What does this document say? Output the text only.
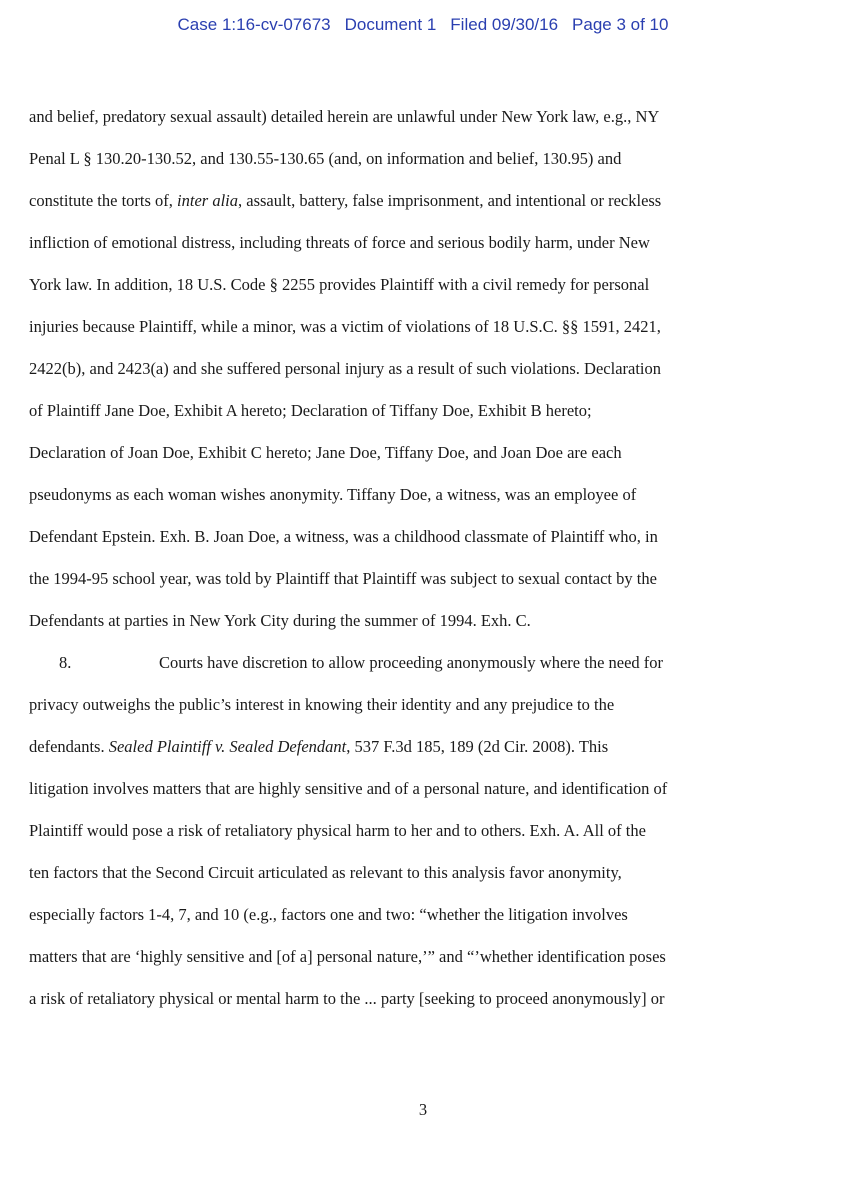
Case 1:16-cv-07673 Document 1 Filed 09/30/16 Page 3 of 10
and belief, predatory sexual assault) detailed herein are unlawful under New York law, e.g., NY
Penal L § 130.20-130.52, and 130.55-130.65 (and, on information and belief, 130.95) and
constitute the torts of, inter alia, assault, battery, false imprisonment, and intentional or reckless
infliction of emotional distress, including threats of force and serious bodily harm, under New
York law. In addition, 18 U.S. Code § 2255 provides Plaintiff with a civil remedy for personal
injuries because Plaintiff, while a minor, was a victim of violations of 18 U.S.C. §§ 1591, 2421,
2422(b), and 2423(a) and she suffered personal injury as a result of such violations. Declaration
of Plaintiff Jane Doe, Exhibit A hereto; Declaration of Tiffany Doe, Exhibit B hereto;
Declaration of Joan Doe, Exhibit C hereto; Jane Doe, Tiffany Doe, and Joan Doe are each
pseudonyms as each woman wishes anonymity. Tiffany Doe, a witness, was an employee of
Defendant Epstein. Exh. B. Joan Doe, a witness, was a childhood classmate of Plaintiff who, in
the 1994-95 school year, was told by Plaintiff that Plaintiff was subject to sexual contact by the
Defendants at parties in New York City during the summer of 1994. Exh. C.
8.	Courts have discretion to allow proceeding anonymously where the need for
privacy outweighs the public’s interest in knowing their identity and any prejudice to the
defendants. Sealed Plaintiff v. Sealed Defendant, 537 F.3d 185, 189 (2d Cir. 2008). This
litigation involves matters that are highly sensitive and of a personal nature, and identification of
Plaintiff would pose a risk of retaliatory physical harm to her and to others. Exh. A. All of the
ten factors that the Second Circuit articulated as relevant to this analysis favor anonymity,
especially factors 1-4, 7, and 10 (e.g., factors one and two: “whether the litigation involves
matters that are ‘highly sensitive and [of a] personal nature,’” and “’whether identification poses
a risk of retaliatory physical or mental harm to the ... party [seeking to proceed anonymously] or
3
